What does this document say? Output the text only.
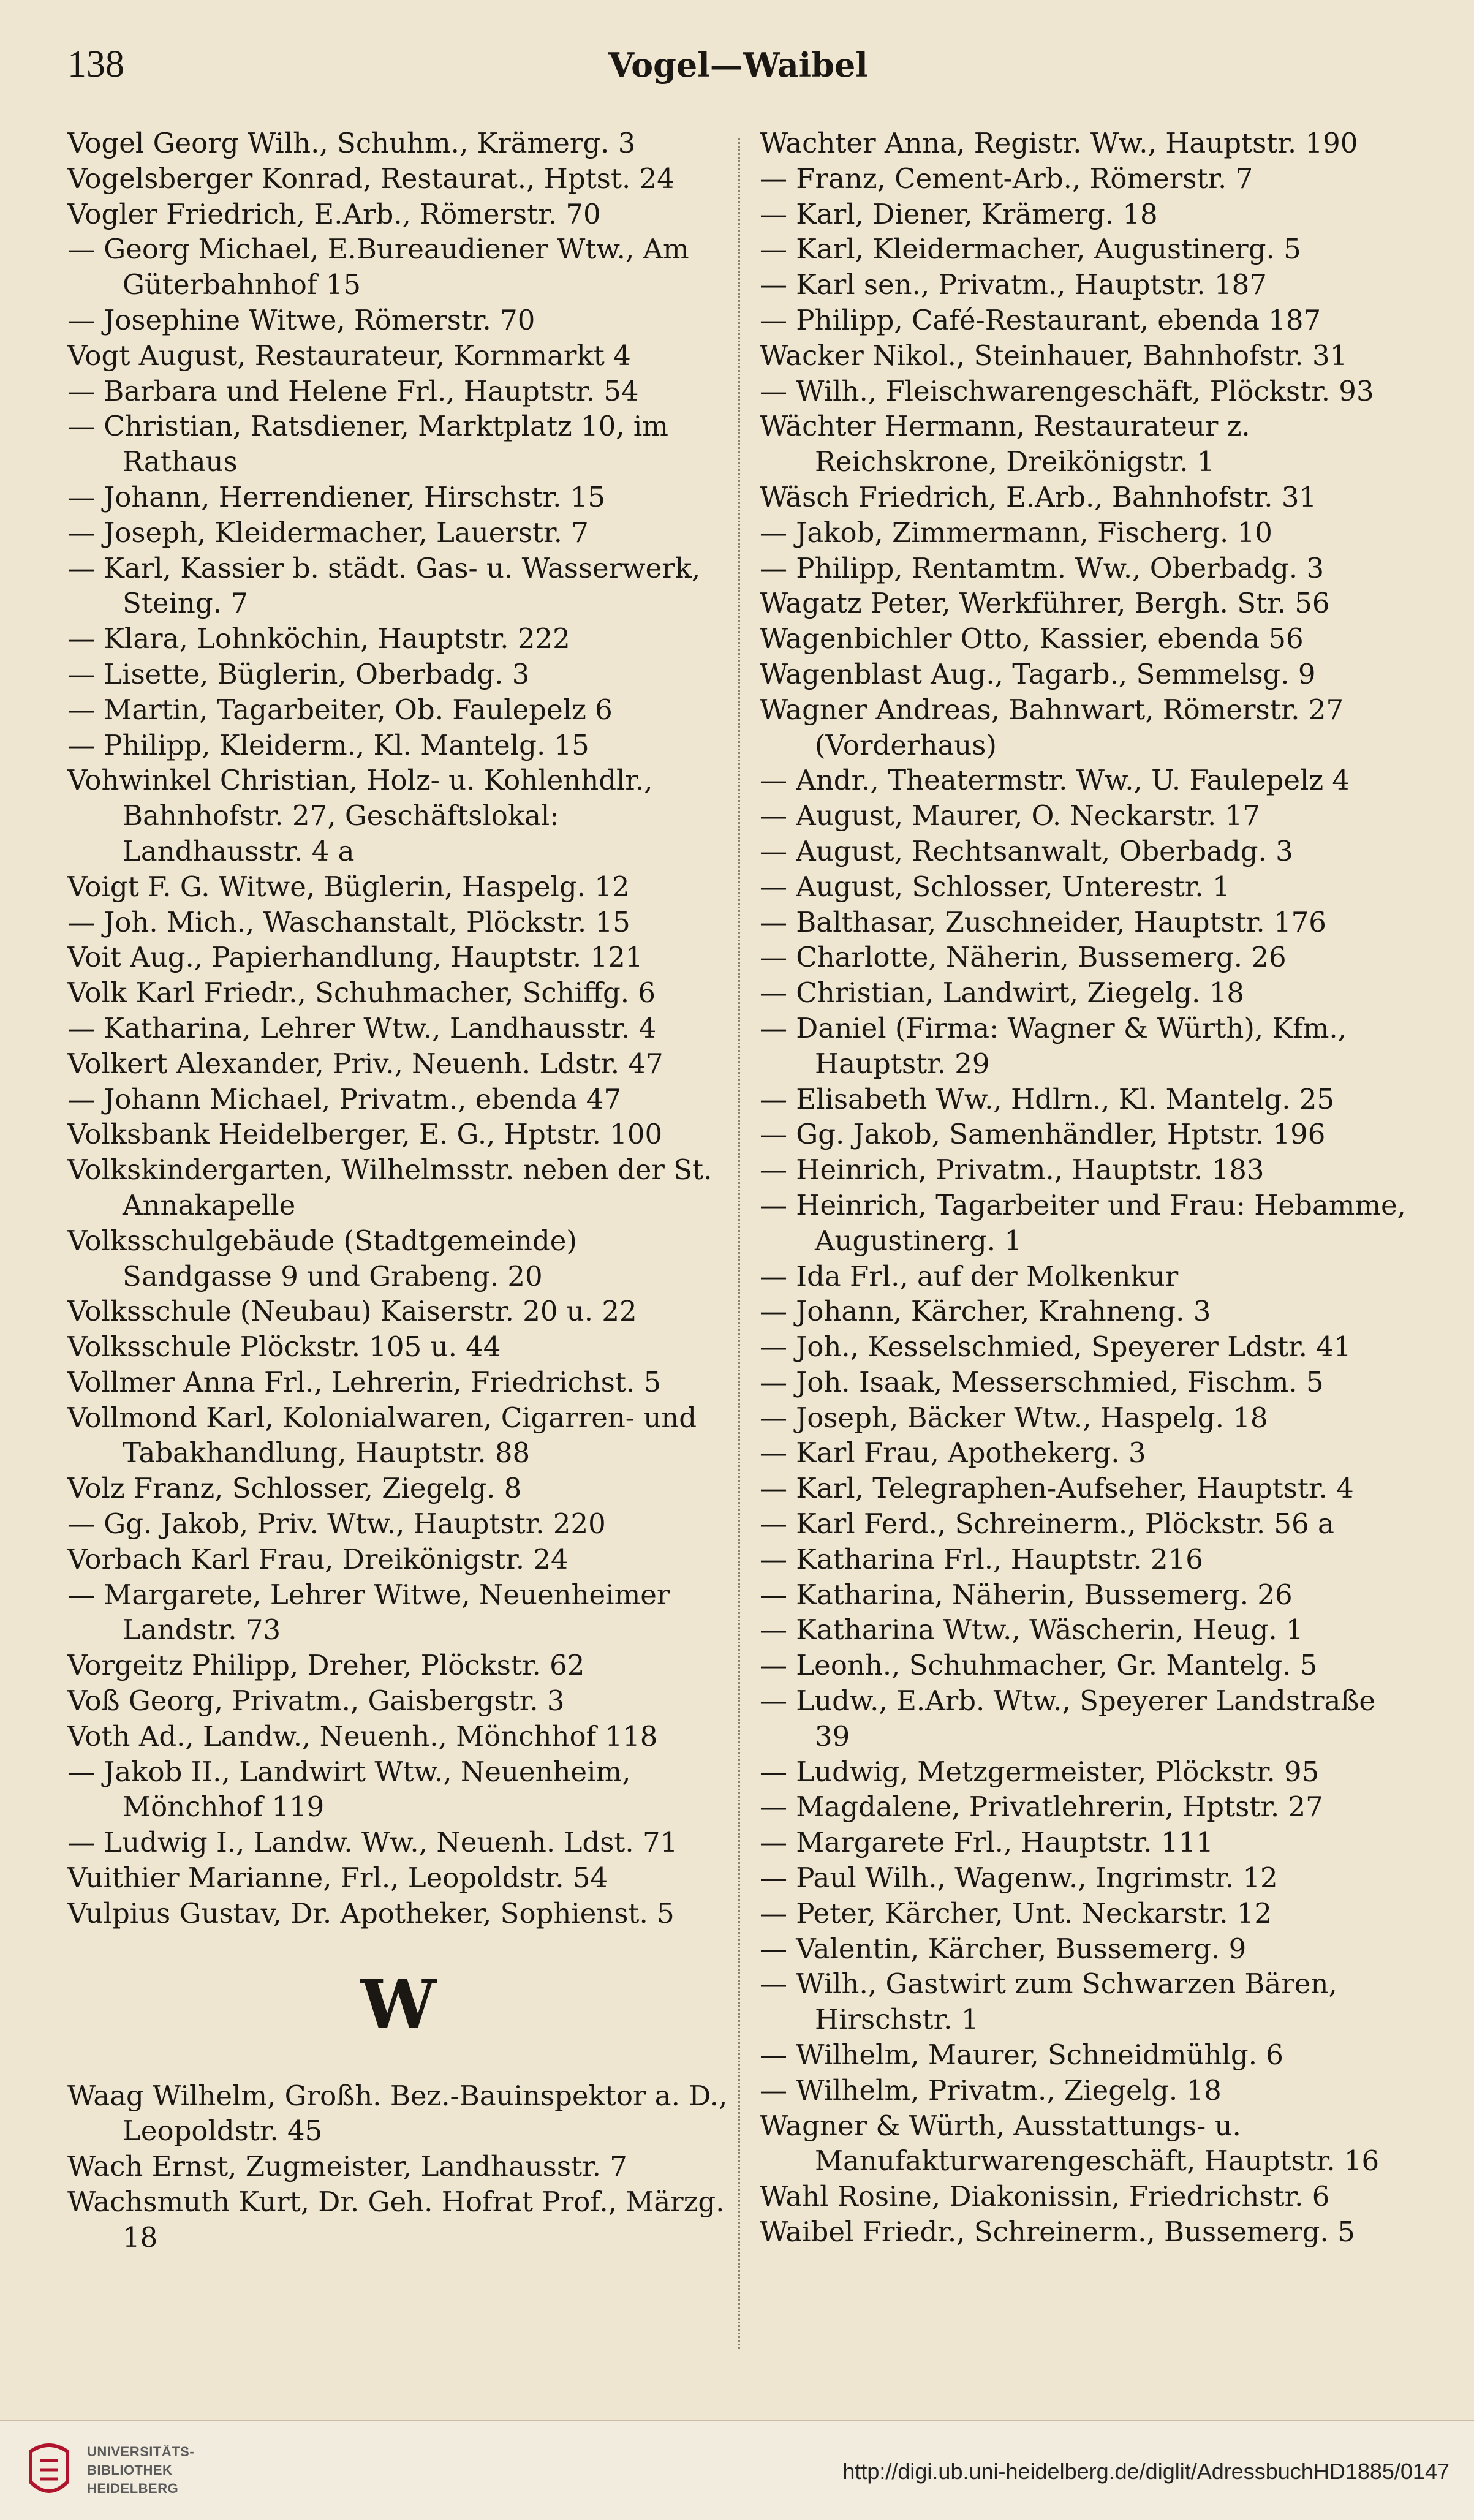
138	Vogel—Waibel
Vogel Georg Wilh., Schuhm., Krämerg. 3
Vogelsberger Konrad, Restaurat., Hptst. 24
Vogler Friedrich, E.Arb., Römerstr. 70
— Georg Michael, E.Bureaudiener Wtw., Am Güterbahnhof 15
— Josephine Witwe, Römerstr. 70
Vogt August, Restaurateur, Kornmarkt 4
— Barbara und Helene Frl., Hauptstr. 54
— Christian, Ratsdiener, Marktplatz 10, im Rathaus
— Johann, Herrendiener, Hirschstr. 15
— Joseph, Kleidermacher, Lauerstr. 7
— Karl, Kassier b. städt. Gas- u. Wasserwerk, Steing. 7
— Klara, Lohnköchin, Hauptstr. 222
— Lisette, Büglerin, Oberbadg. 3
— Martin, Tagarbeiter, Ob. Faulepelz 6
— Philipp, Kleiderm., Kl. Mantelg. 15
Vohwinkel Christian, Holz- u. Kohlenhdlr., Bahnhofstr. 27, Geschäftslokal: Landhausstr. 4 a
Voigt F. G. Witwe, Büglerin, Haspelg. 12
— Joh. Mich., Waschanstalt, Plöckstr. 15
Voit Aug., Papierhandlung, Hauptstr. 121
Volk Karl Friedr., Schuhmacher, Schiffg. 6
— Katharina, Lehrer Wtw., Landhausstr. 4
Volkert Alexander, Priv., Neuenh. Ldstr. 47
— Johann Michael, Privatm., ebenda 47
Volksbank Heidelberger, E. G., Hptstr. 100
Volkskindergarten, Wilhelmsstr. neben der St. Annakapelle
Volksschulgebäude (Stadtgemeinde) Sandgasse 9 und Grabeng. 20
Volksschule (Neubau) Kaiserstr. 20 u. 22
Volksschule Plöckstr. 105 u. 44
Vollmer Anna Frl., Lehrerin, Friedrichst. 5
Vollmond Karl, Kolonialwaren, Cigarren- und Tabakhandlung, Hauptstr. 88
Volz Franz, Schlosser, Ziegelg. 8
— Gg. Jakob, Priv. Wtw., Hauptstr. 220
Vorbach Karl Frau, Dreikönigstr. 24
— Margarete, Lehrer Witwe, Neuenheimer Landstr. 73
Vorgeitz Philipp, Dreher, Plöckstr. 62
Voß Georg, Privatm., Gaisbergstr. 3
Voth Ad., Landw., Neuenh., Mönchhof 118
— Jakob II., Landwirt Wtw., Neuenheim, Mönchhof 119
— Ludwig I., Landw. Ww., Neuenh. Ldst. 71
Vuithier Marianne, Frl., Leopoldstr. 54
Vulpius Gustav, Dr. Apotheker, Sophienst. 5
W
Waag Wilhelm, Großh. Bez.-Bauinspektor a. D., Leopoldstr. 45
Wach Ernst, Zugmeister, Landhausstr. 7
Wachsmuth Kurt, Dr. Geh. Hofrat Prof., Märzg. 18
Wachter Anna, Registr. Ww., Hauptstr. 190
— Franz, Cement-Arb., Römerstr. 7
— Karl, Diener, Krämerg. 18
— Karl, Kleidermacher, Augustinerg. 5
— Karl sen., Privatm., Hauptstr. 187
— Philipp, Café-Restaurant, ebenda 187
Wacker Nikol., Steinhauer, Bahnhofstr. 31
— Wilh., Fleischwarengeschäft, Plöckstr. 93
Wächter Hermann, Restaurateur z. Reichskrone, Dreikönigstr. 1
Wäsch Friedrich, E.Arb., Bahnhofstr. 31
— Jakob, Zimmermann, Fischerg. 10
— Philipp, Rentamtm. Ww., Oberbadg. 3
Wagatz Peter, Werkführer, Bergh. Str. 56
Wagenbichler Otto, Kassier, ebenda 56
Wagenblast Aug., Tagarb., Semmelsg. 9
Wagner Andreas, Bahnwart, Römerstr. 27 (Vorderhaus)
— Andr., Theatermstr. Ww., U. Faulepelz 4
— August, Maurer, O. Neckarstr. 17
— August, Rechtsanwalt, Oberbadg. 3
— August, Schlosser, Unterestr. 1
— Balthasar, Zuschneider, Hauptstr. 176
— Charlotte, Näherin, Bussemerg. 26
— Christian, Landwirt, Ziegelg. 18
— Daniel (Firma: Wagner & Würth), Kfm., Hauptstr. 29
— Elisabeth Ww., Hdlrn., Kl. Mantelg. 25
— Gg. Jakob, Samenhändler, Hptstr. 196
— Heinrich, Privatm., Hauptstr. 183
— Heinrich, Tagarbeiter und Frau: Hebamme, Augustinerg. 1
— Ida Frl., auf der Molkenkur
— Johann, Kärcher, Krahneng. 3
— Joh., Kesselschmied, Speyerer Ldstr. 41
— Joh. Isaak, Messerschmied, Fischm. 5
— Joseph, Bäcker Wtw., Haspelg. 18
— Karl Frau, Apothekerg. 3
— Karl, Telegraphen-Aufseher, Hauptstr. 4
— Karl Ferd., Schreinerm., Plöckstr. 56 a
— Katharina Frl., Hauptstr. 216
— Katharina, Näherin, Bussemerg. 26
— Katharina Wtw., Wäscherin, Heug. 1
— Leonh., Schuhmacher, Gr. Mantelg. 5
— Ludw., E.Arb. Wtw., Speyerer Landstraße 39
— Ludwig, Metzgermeister, Plöckstr. 95
— Magdalene, Privatlehrerin, Hptstr. 27
— Margarete Frl., Hauptstr. 111
— Paul Wilh., Wagenw., Ingrimstr. 12
— Peter, Kärcher, Unt. Neckarstr. 12
— Valentin, Kärcher, Bussemerg. 9
— Wilh., Gastwirt zum Schwarzen Bären, Hirschstr. 1
— Wilhelm, Maurer, Schneidmühlg. 6
— Wilhelm, Privatm., Ziegelg. 18
Wagner & Würth, Ausstattungs- u. Manufakturwarengeschäft, Hauptstr. 16
Wahl Rosine, Diakonissin, Friedrichstr. 6
Waibel Friedr., Schreinerm., Bussemerg. 5
UNIVERSITÄTS-
BIBLIOTHEK
HEIDELBERG
http://digi.ub.uni-heidelberg.de/diglit/AdressbuchHD1885/0147
